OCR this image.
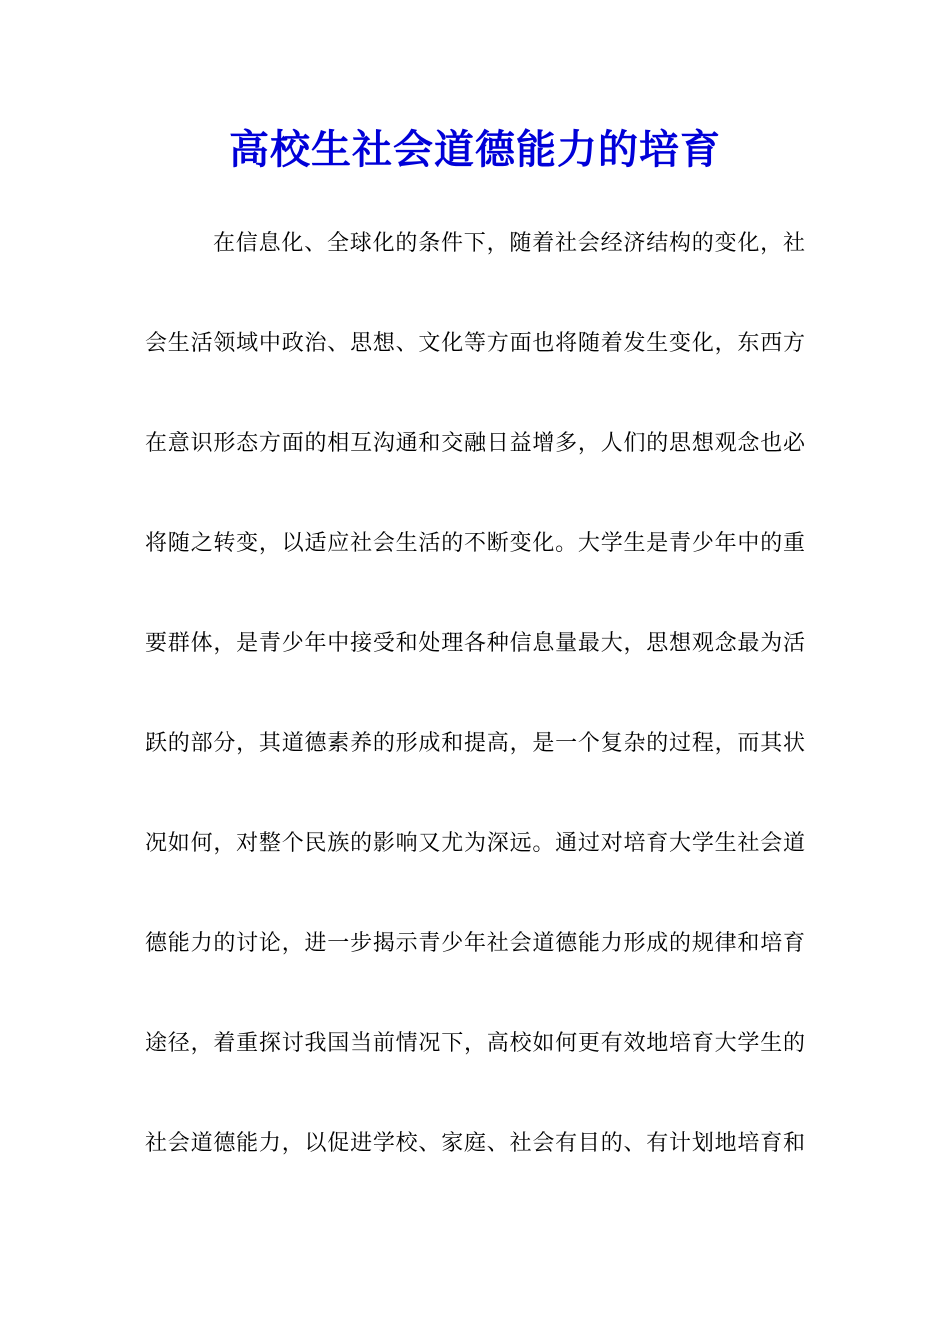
高校生社会道德能力的培育
在信息化、全球化的条件下，随着社会经济结构的变化，社
会生活领域中政治、思想、文化等方面也将随着发生变化，东西方
在意识形态方面的相互沟通和交融日益增多，人们的思想观念也必
将随之转变，以适应社会生活的不断变化。大学生是青少年中的重
要群体，是青少年中接受和处理各种信息量最大，思想观念最为活
跃的部分，其道德素养的形成和提高，是一个复杂的过程，而其状
况如何，对整个民族的影响又尤为深远。通过对培育大学生社会道
德能力的讨论，进一步揭示青少年社会道德能力形成的规律和培育
途径，着重探讨我国当前情况下，高校如何更有效地培育大学生的
社会道德能力，以促进学校、家庭、社会有目的、有计划地培育和
